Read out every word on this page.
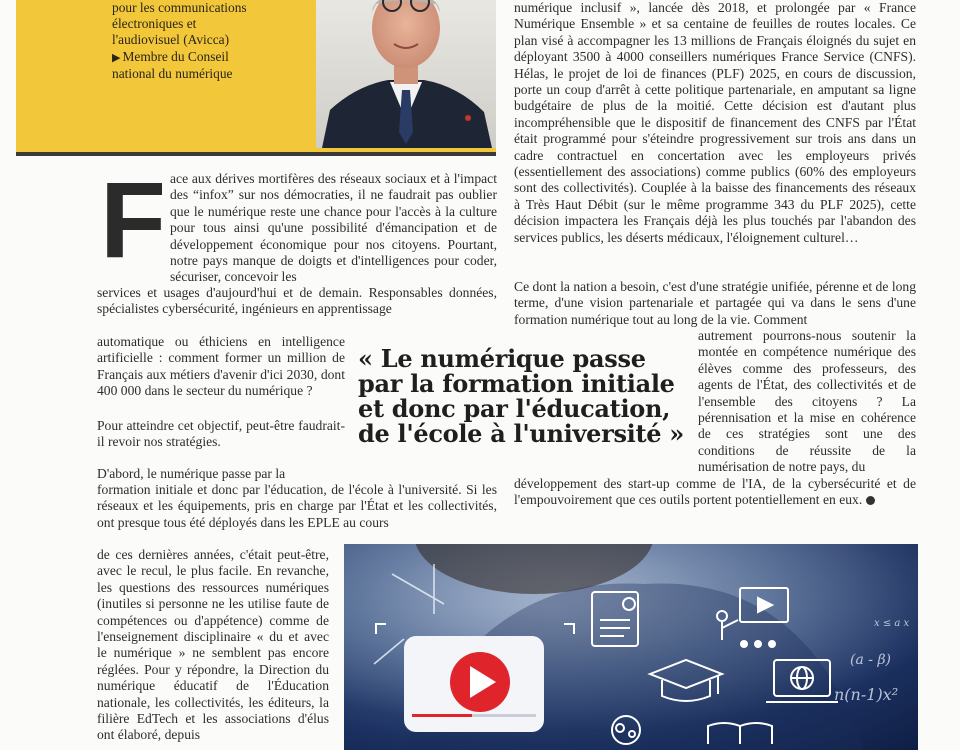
pour les communications
électroniques et
l'audiovisuel (Avicca)
▶ Membre du Conseil
national du numérique
F ace aux dérives mortifères des réseaux sociaux et à l'impact des “infox” sur nos démocraties, il ne faudrait pas oublier que le numérique reste une chance pour l'accès à la culture pour tous ainsi qu'une possibilité d'émancipation et de développement économique pour nos citoyens. Pourtant, notre pays manque de doigts et d'intelligences pour coder, sécuriser, concevoir les

services et usages d'aujourd'hui et de demain. Responsables données, spécialistes cybersécurité, ingénieurs en apprentissage

automatique ou éthiciens en intelligence artificielle : comment former un million de Français aux métiers d'avenir d'ici 2030, dont 400 000 dans le secteur du numérique ?

Pour atteindre cet objectif, peut-être faudrait-il revoir nos stratégies.

D'abord, le numérique passe par la

formation initiale et donc par l'éducation, de l'école à l'université. Si les réseaux et les équipements, pris en charge par l'État et les collectivités, ont presque tous été déployés dans les EPLE au cours

de ces dernières années, c'était peut-être, avec le recul, le plus facile. En revanche, les questions des ressources numériques (inutiles si personne ne les utilise faute de compétences ou d'appétence) comme de l'enseignement disciplinaire « du et avec le numérique » ne semblent pas encore réglées. Pour y répondre, la Direction du numérique éducatif de l'Éducation nationale, les collectivités, les éditeurs, la filière EdTech et les associations d'élus ont élaboré, depuis

numérique inclusif », lancée dès 2018, et prolongée par « France Numérique Ensemble » et sa centaine de feuilles de routes locales. Ce plan visé à accompagner les 13 millions de Français éloignés du sujet en déployant 3500 à 4000 conseillers numériques France Service (CNFS). Hélas, le projet de loi de finances (PLF) 2025, en cours de discussion, porte un coup d'arrêt à cette politique partenariale, en amputant sa ligne budgétaire de plus de la moitié. Cette décision est d'autant plus incompréhensible que le dispositif de financement des CNFS par l'État était programmé pour s'éteindre progressivement sur trois ans dans un cadre contractuel en concertation avec les employeurs privés (essentiellement des associations) comme publics (60% des employeurs sont des collectivités). Couplée à la baisse des financements des réseaux à Très Haut Débit (sur le même programme 343 du PLF 2025), cette décision impactera les Français déjà les plus touchés par l'abandon des services publics, les déserts médicaux, l'éloignement culturel…

Ce dont la nation a besoin, c'est d'une stratégie unifiée, pérenne et de long terme, d'une vision partenariale et partagée qui va dans le sens d'une formation numérique tout au long de la vie. Comment

autrement pourrons-nous soutenir la montée en compétence numérique des élèves comme des professeurs, des agents de l'État, des collectivités et de l'ensemble des citoyens ? La pérennisation et la mise en cohérence de ces stratégies sont une des conditions de réussite de la numérisation de notre pays, du

développement des start-up comme de l'IA, de la cybersécurité et de l'empouvoirement que ces outils portent potentiellement en eux.

« Le numérique passe
par la formation initiale
et donc par l'éducation,
de l'école à l'université »
n(n-1)x²
(a - β)
x ≤ a x
